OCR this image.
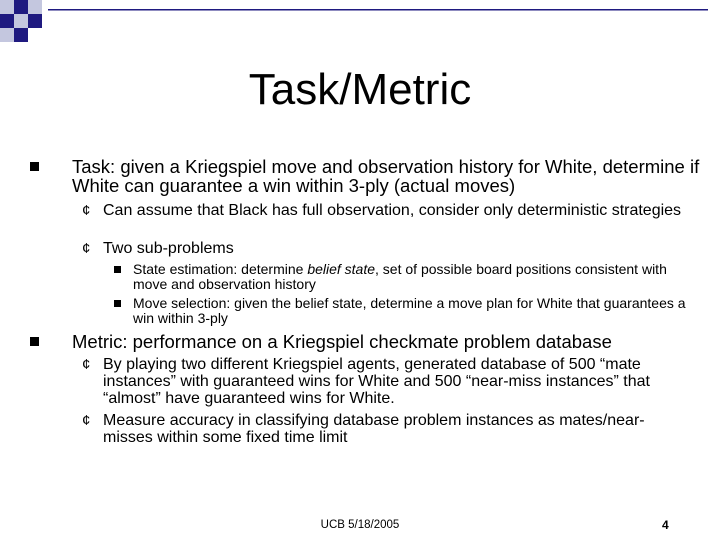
Task/Metric
Task: given a Kriegspiel move and observation history for White, determine if White can guarantee a win within 3-ply (actual moves)
¢ Can assume that Black has full observation, consider only deterministic strategies
¢ Two sub-problems
State estimation: determine belief state, set of possible board positions consistent with move and observation history
Move selection: given the belief state, determine a move plan for White that guarantees a win within 3-ply
Metric: performance on a Kriegspiel checkmate problem database
¢ By playing two different Kriegspiel agents, generated database of 500 “mate instances” with guaranteed wins for White and 500 “near-miss instances” that “almost” have guaranteed wins for White.
¢ Measure accuracy in classifying database problem instances as mates/near-misses within some fixed time limit
UCB 5/18/2005	4
